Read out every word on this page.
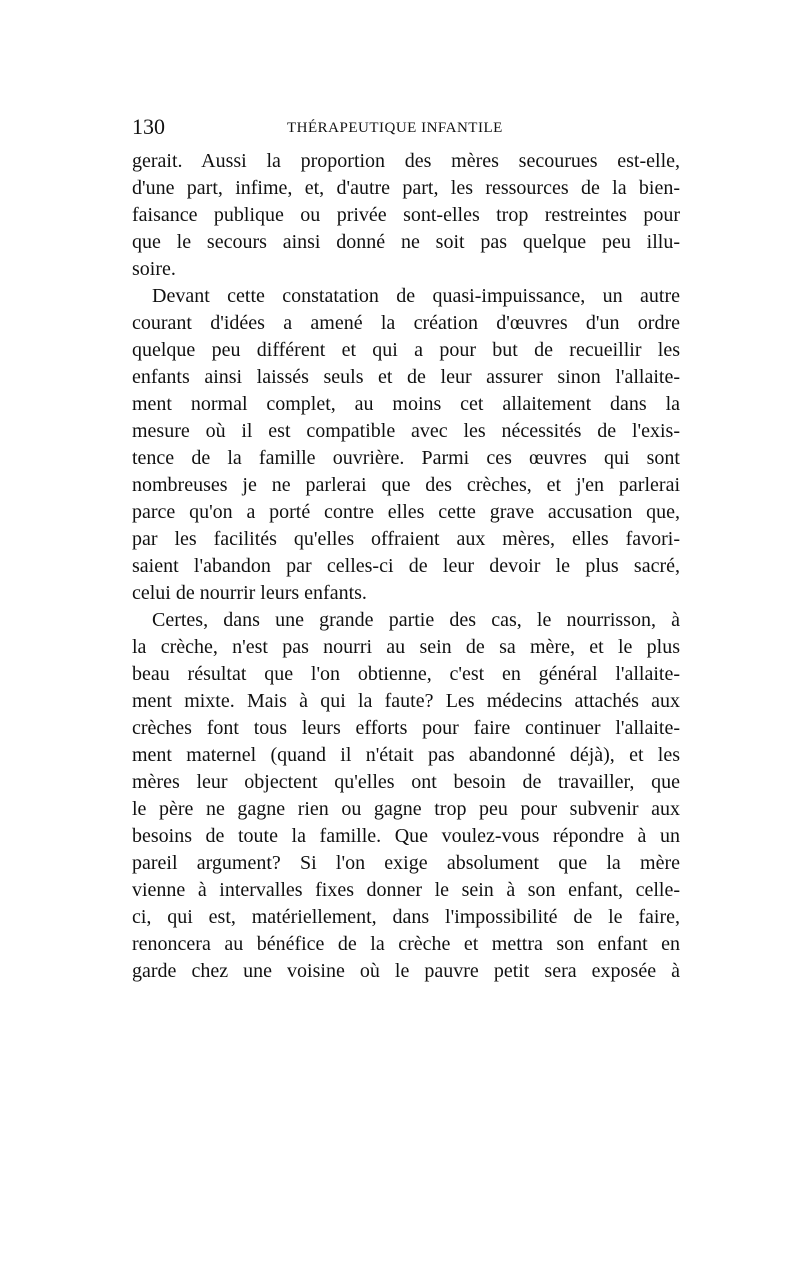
130	THÉRAPEUTIQUE INFANTILE
gerait. Aussi la proportion des mères secourues est-elle,
d'une part, infime, et, d'autre part, les ressources de la bien-
faisance publique ou privée sont-elles trop restreintes pour
que le secours ainsi donné ne soit pas quelque peu illu-
soire.
Devant cette constatation de quasi-impuissance, un autre
courant d'idées a amené la création d'œuvres d'un ordre
quelque peu différent et qui a pour but de recueillir les
enfants ainsi laissés seuls et de leur assurer sinon l'allaite-
ment normal complet, au moins cet allaitement dans la
mesure où il est compatible avec les nécessités de l'exis-
tence de la famille ouvrière. Parmi ces œuvres qui sont
nombreuses je ne parlerai que des crèches, et j'en parlerai
parce qu'on a porté contre elles cette grave accusation que,
par les facilités qu'elles offraient aux mères, elles favori-
saient l'abandon par celles-ci de leur devoir le plus sacré,
celui de nourrir leurs enfants.
Certes, dans une grande partie des cas, le nourrisson, à
la crèche, n'est pas nourri au sein de sa mère, et le plus
beau résultat que l'on obtienne, c'est en général l'allaite-
ment mixte. Mais à qui la faute? Les médecins attachés aux
crèches font tous leurs efforts pour faire continuer l'allaite-
ment maternel (quand il n'était pas abandonné déjà), et les
mères leur objectent qu'elles ont besoin de travailler, que
le père ne gagne rien ou gagne trop peu pour subvenir aux
besoins de toute la famille. Que voulez-vous répondre à un
pareil argument? Si l'on exige absolument que la mère
vienne à intervalles fixes donner le sein à son enfant, celle-
ci, qui est, matériellement, dans l'impossibilité de le faire,
renoncera au bénéfice de la crèche et mettra son enfant en
garde chez une voisine où le pauvre petit sera exposée à
